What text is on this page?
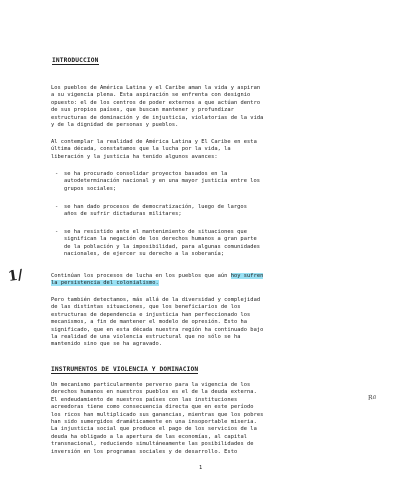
INTRODUCCION
Los pueblos de América Latina y el Caribe aman la vida y aspiran
a su vigencia plena. Esta aspiración se enfrenta con designio
opuesto: el de los centros de poder externos a que actúan dentro
de sus propios países, que buscan mantener y profundizar
estructuras de dominación y de injusticia, violatorias de la vida
y de la dignidad de personas y pueblos.
Al contemplar la realidad de América Latina y El Caribe en esta
última década, constatamos que la lucha por la vida, la
liberación y la justicia ha tenido algunos avances:
- se ha procurado consolidar proyectos basados en la
autodeterminación nacional y en una mayor justicia entre los
grupos sociales;
- se han dado procesos de democratización, luego de largos
años de sufrir dictaduras militares;
- se ha resistido ante el mantenimiento de situaciones que
significan la negación de los derechos humanos a gran parte
de la población y la imposibilidad, para algunas comunidades
nacionales, de ejercer su derecho a la soberanía;
1/	Continúan los procesos de lucha en los pueblos que aún hoy sufren
la persistencia del colonialismo.
Pero también detectamos, más allá de la diversidad y complejidad
de las distintas situaciones, que los beneficiarios de los
estructuras de dependencia e injusticia han perfeccionado los
mecanismos, a fin de mantener el modelo de opresión. Esto ha
significado, que en esta década nuestra región ha continuado bajo
la realidad de una violencia estructural que no sólo se ha
mantenido sino que se ha agravado.
INSTRUMENTOS DE VIOLENCIA Y DOMINACION
Ra
Un mecanismo particularmente perverso para la vigencia de los
derechos humanos en nuestros pueblos es el de la deuda externa.
El endeudamiento de nuestros países con las instituciones
acreedoras tiene como consecuencia directa que en este período
los ricos han multiplicado sus ganancias, mientras que los pobres
han sido sumergidos dramáticamente en una insoportable miseria.
La injusticia social que produce el pago de los servicios de la
deuda ha obligado a la apertura de las economías, al capital
transnacional, reduciendo simultáneamente las posibilidades de
inversión en los programas sociales y de desarrollo. Esto
1
